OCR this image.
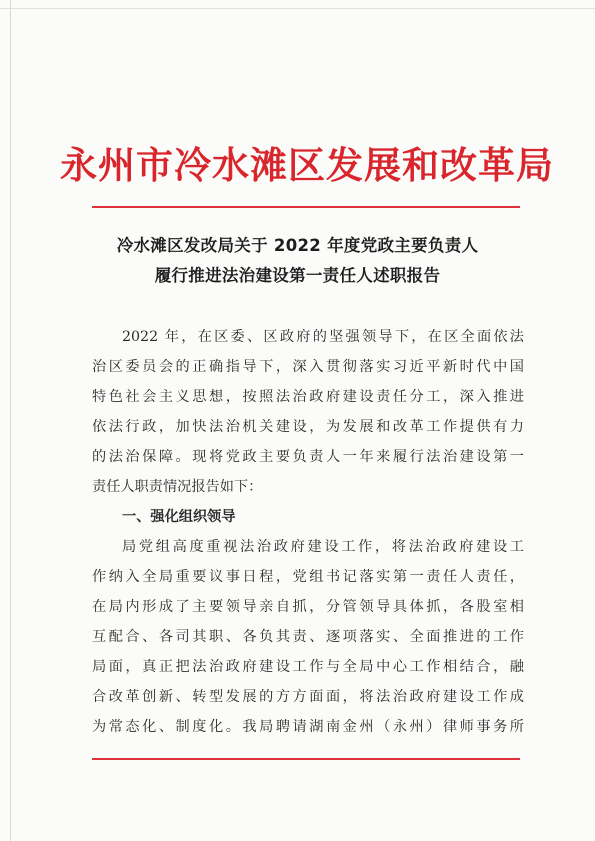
永州市冷水滩区发展和改革局
冷水滩区发改局关于 2022 年度党政主要负责人
履行推进法治建设第一责任人述职报告
2022 年，在区委、区政府的坚强领导下，在区全面依法
治区委员会的正确指导下，深入贯彻落实习近平新时代中国
特色社会主义思想，按照法治政府建设责任分工，深入推进
依法行政，加快法治机关建设，为发展和改革工作提供有力
的法治保障。现将党政主要负责人一年来履行法治建设第一
责任人职责情况报告如下：
一、强化组织领导
局党组高度重视法治政府建设工作，将法治政府建设工
作纳入全局重要议事日程，党组书记落实第一责任人责任，
在局内形成了主要领导亲自抓，分管领导具体抓，各股室相
互配合、各司其职、各负其责、逐项落实、全面推进的工作
局面，真正把法治政府建设工作与全局中心工作相结合，融
合改革创新、转型发展的方方面面，将法治政府建设工作成
为常态化、制度化。我局聘请湖南金州（永州）律师事务所
